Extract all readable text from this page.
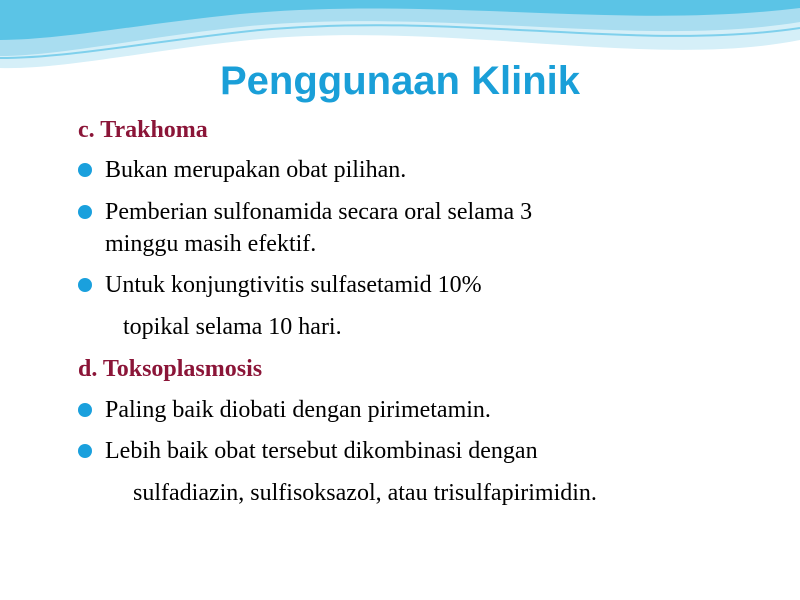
Penggunaan Klinik
c. Trakhoma
Bukan merupakan obat pilihan.
Pemberian sulfonamida secara oral selama 3
minggu masih efektif.
Untuk konjungtivitis sulfasetamid 10%
topikal selama 10 hari.
d. Toksoplasmosis
Paling baik diobati dengan pirimetamin.
Lebih baik obat tersebut dikombinasi dengan
sulfadiazin, sulfisoksazol, atau trisulfapirimidin.
